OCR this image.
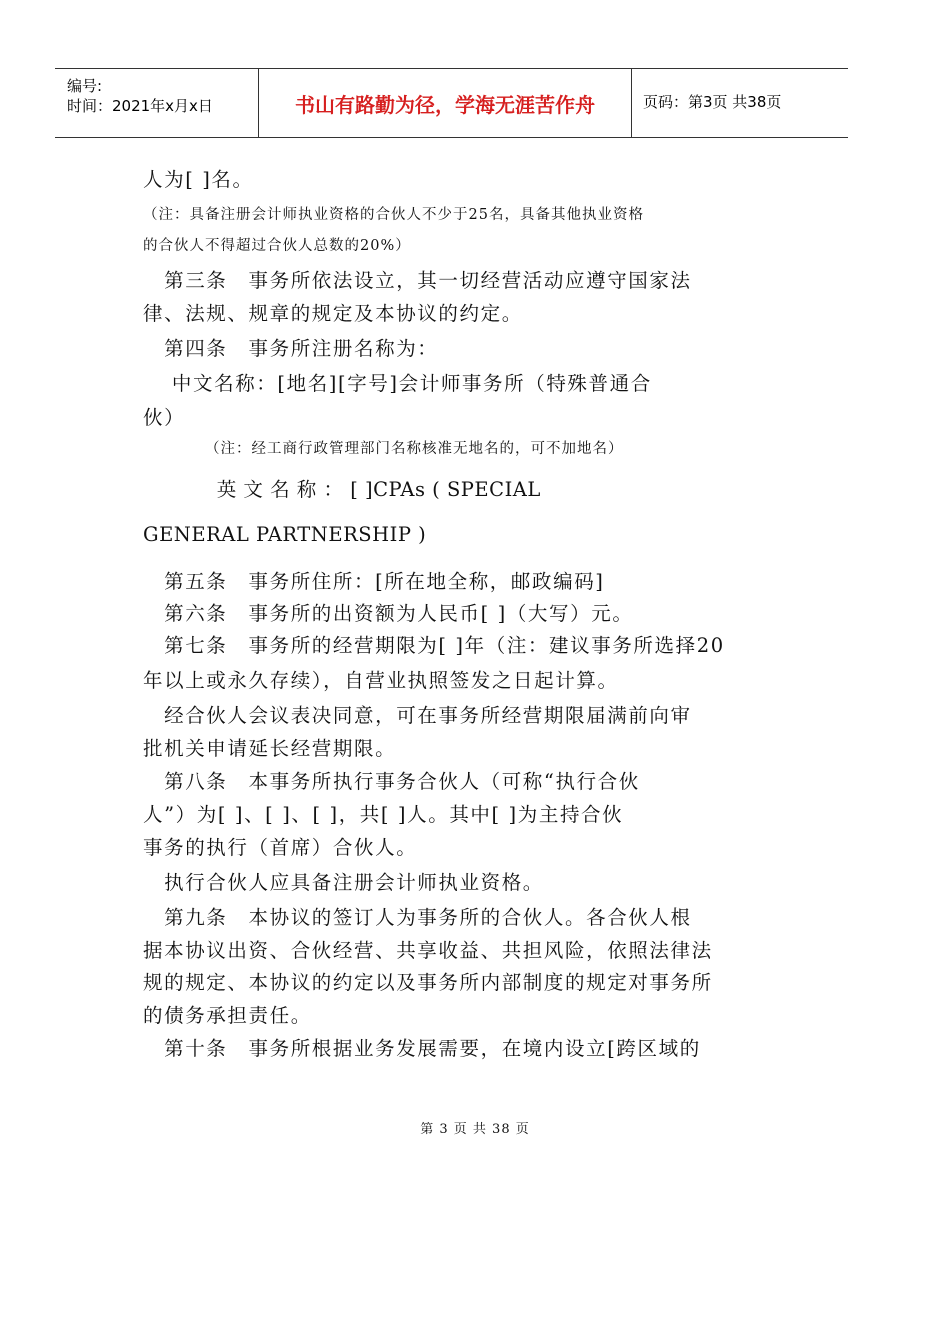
编号:
时间：2021年x月x日	书山有路勤为径，学海无涯苦作舟	页码：第3页 共38页
人为[ ]名。
（注：具备注册会计师执业资格的合伙人不少于25名，具备其他执业资格
的合伙人不得超过合伙人总数的20%）
　第三条　事务所依法设立，其一切经营活动应遵守国家法
律、法规、规章的规定及本协议的约定。
　第四条　事务所注册名称为：
　 中文名称：[地名][字号]会计师事务所（特殊普通合
伙）
（注：经工商行政管理部门名称核准无地名的，可不加地名）
　 英 文 名 称 ： [ ]CPAs ( SPECIAL
GENERAL PARTNERSHIP )
　第五条　事务所住所：[所在地全称，邮政编码]
　第六条　事务所的出资额为人民币[ ]（大写）元。
　第七条　事务所的经营期限为[ ]年（注：建议事务所选择20
年以上或永久存续），自营业执照签发之日起计算。
　经合伙人会议表决同意，可在事务所经营期限届满前向审
批机关申请延长经营期限。
　第八条　本事务所执行事务合伙人（可称“执行合伙
人”）为[ ]、[ ]、[ ]，共[ ]人。其中[ ]为主持合伙
事务的执行（首席）合伙人。
　执行合伙人应具备注册会计师执业资格。
　第九条　本协议的签订人为事务所的合伙人。各合伙人根
据本协议出资、合伙经营、共享收益、共担风险，依照法律法
规的规定、本协议的约定以及事务所内部制度的规定对事务所
的债务承担责任。
　第十条　事务所根据业务发展需要，在境内设立[跨区域的
第 3 页 共 38 页
